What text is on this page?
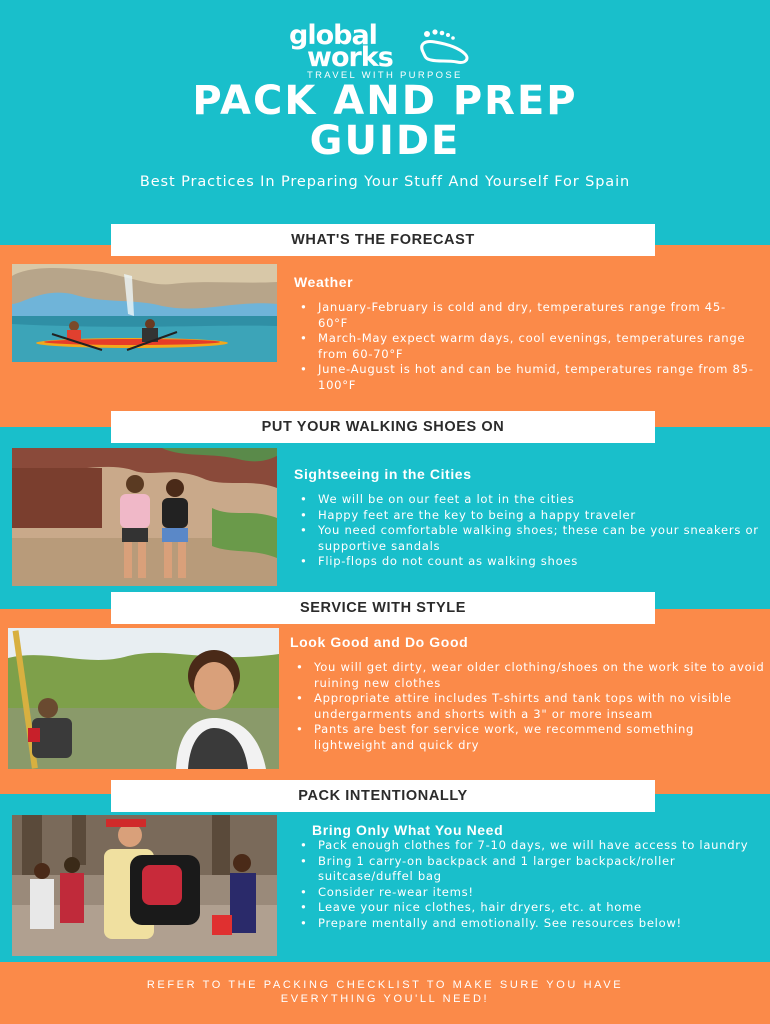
global
works
TRAVEL WITH PURPOSE
PACK AND PREP
GUIDE
Best Practices In Preparing Your Stuff And Yourself For Spain
WHAT'S THE FORECAST
Weather
• January-February is cold and dry, temperatures range from 45-60°F
• March-May expect warm days, cool evenings, temperatures range from 60-70°F
• June-August is hot and can be humid, temperatures range from 85-100°F
PUT YOUR WALKING SHOES ON
Sightseeing in the Cities
• We will be on our feet a lot in the cities
• Happy feet are the key to being a happy traveler
• You need comfortable walking shoes; these can be your sneakers or supportive sandals
• Flip-flops do not count as walking shoes
SERVICE WITH STYLE
Look Good and Do Good
• You will get dirty, wear older clothing/shoes on the work site to avoid ruining new clothes
• Appropriate attire includes T-shirts and tank tops with no visible undergarments and shorts with a 3" or more inseam
• Pants are best for service work, we recommend something lightweight and quick dry
PACK INTENTIONALLY
Bring Only What You Need
• Pack enough clothes for 7-10 days, we will have access to laundry
• Bring 1 carry-on backpack and 1 larger backpack/roller suitcase/duffel bag
• Consider re-wear items!
• Leave your nice clothes, hair dryers, etc. at home
• Prepare mentally and emotionally. See resources below!
REFER TO THE PACKING CHECKLIST TO MAKE SURE YOU HAVE EVERYTHING YOU'LL NEED!
